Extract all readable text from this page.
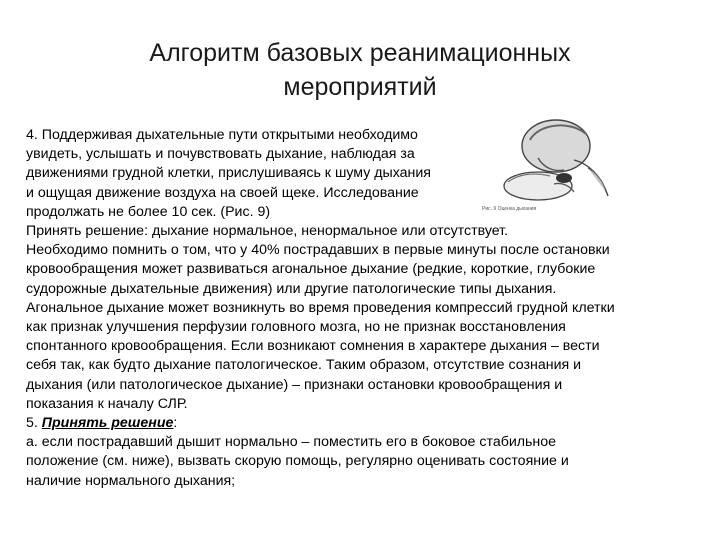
Алгоритм базовых реанимационных
мероприятий
Рис. 9 Оценка дыхания
4. Поддерживая дыхательные пути открытыми необходимо
увидеть, услышать и почувствовать дыхание, наблюдая за
движениями грудной клетки, прислушиваясь к шуму дыхания
и ощущая движение воздуха на своей щеке. Исследование
продолжать не более 10 сек. (Рис. 9)
Принять решение: дыхание нормальное, ненормальное или отсутствует.
Необходимо помнить о том, что у 40% пострадавших в первые минуты после остановки
кровообращения может развиваться агональное дыхание (редкие, короткие, глубокие
судорожные дыхательные движения) или другие патологические типы дыхания.
Агональное дыхание может возникнуть во время проведения компрессий грудной клетки
как признак улучшения перфузии головного мозга, но не признак восстановления
спонтанного кровообращения. Если возникают сомнения в характере дыхания – вести
себя так, как будто дыхание патологическое. Таким образом, отсутствие сознания и
дыхания (или патологическое дыхание) – признаки остановки кровообращения и
показания к началу СЛР.
5. Принять решение:
а. если пострадавший дышит нормально – поместить его в боковое стабильное
положение (см. ниже), вызвать скорую помощь, регулярно оценивать состояние и
наличие нормального дыхания;
